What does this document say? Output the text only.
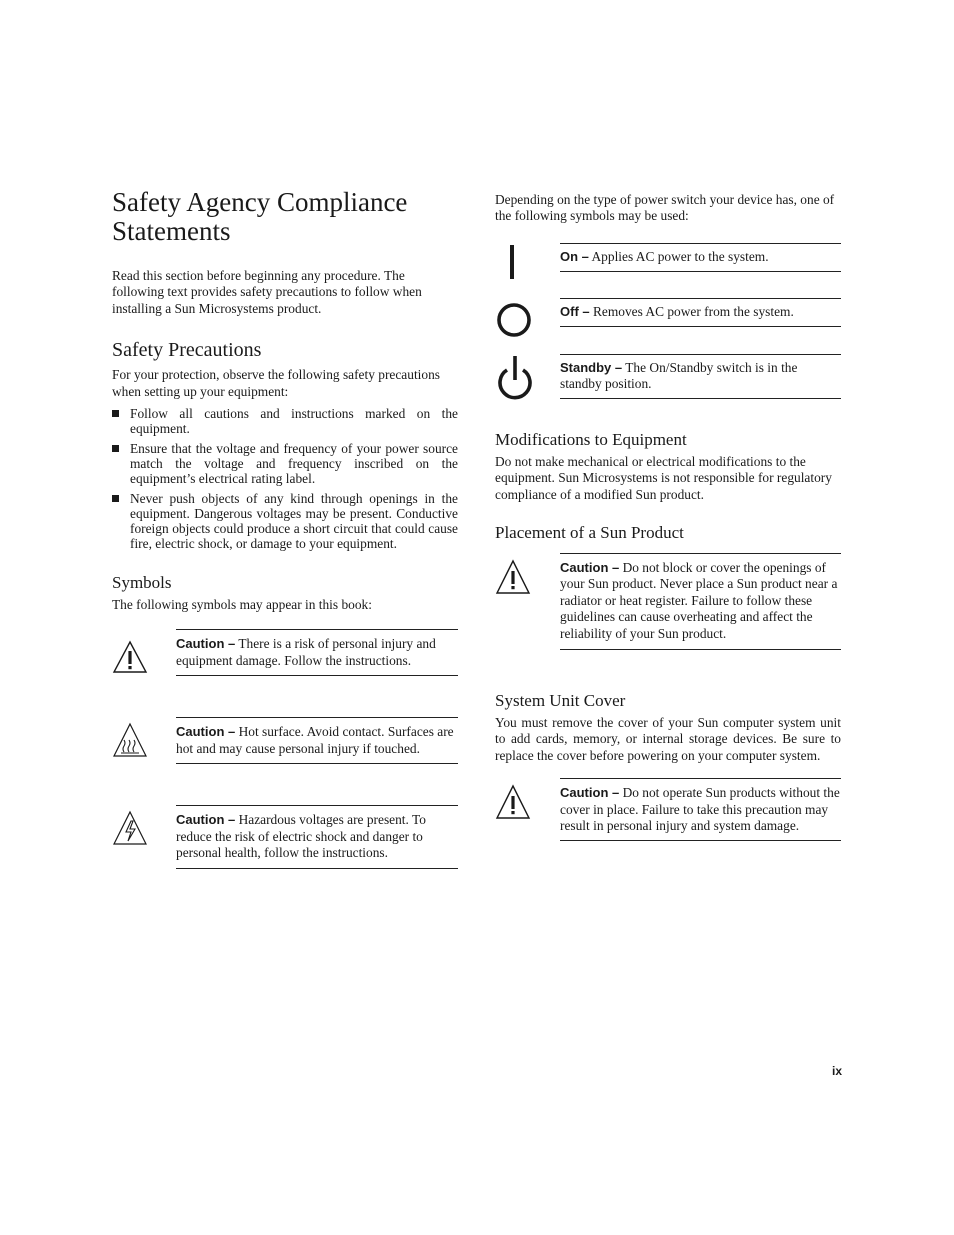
Safety Agency Compliance Statements

Read this section before beginning any procedure. The following text provides safety precautions to follow when installing a Sun Microsystems product.

Safety Precautions

For your protection, observe the following safety precautions when setting up your equipment:

Follow all cautions and instructions marked on the equipment.
Ensure that the voltage and frequency of your power source match the voltage and frequency inscribed on the equipment’s electrical rating label.
Never push objects of any kind through openings in the equipment. Dangerous voltages may be present. Conductive foreign objects could produce a short circuit that could cause fire, electric shock, or damage to your equipment.
Symbols

The following symbols may appear in this book:

Caution – There is a risk of personal injury and equipment damage. Follow the instructions.
Caution – Hot surface. Avoid contact. Surfaces are hot and may cause personal injury if touched.
Caution – Hazardous voltages are present. To reduce the risk of electric shock and danger to personal health, follow the instructions.

Depending on the type of power switch your device has, one of the following symbols may be used:

On – Applies AC power to the system.
Off – Removes AC power from the system.
Standby – The On/Standby switch is in the standby position.
Modifications to Equipment

Do not make mechanical or electrical modifications to the equipment. Sun Microsystems is not responsible for regulatory compliance of a modified Sun product.

Placement of a Sun Product
Caution – Do not block or cover the openings of your Sun product. Never place a Sun product near a radiator or heat register. Failure to follow these guidelines can cause overheating and affect the reliability of your Sun product.
System Unit Cover

You must remove the cover of your Sun computer system unit to add cards, memory, or internal storage devices. Be sure to replace the cover before powering on your computer system.

Caution – Do not operate Sun products without the cover in place. Failure to take this precaution may result in personal injury and system damage.
ix
